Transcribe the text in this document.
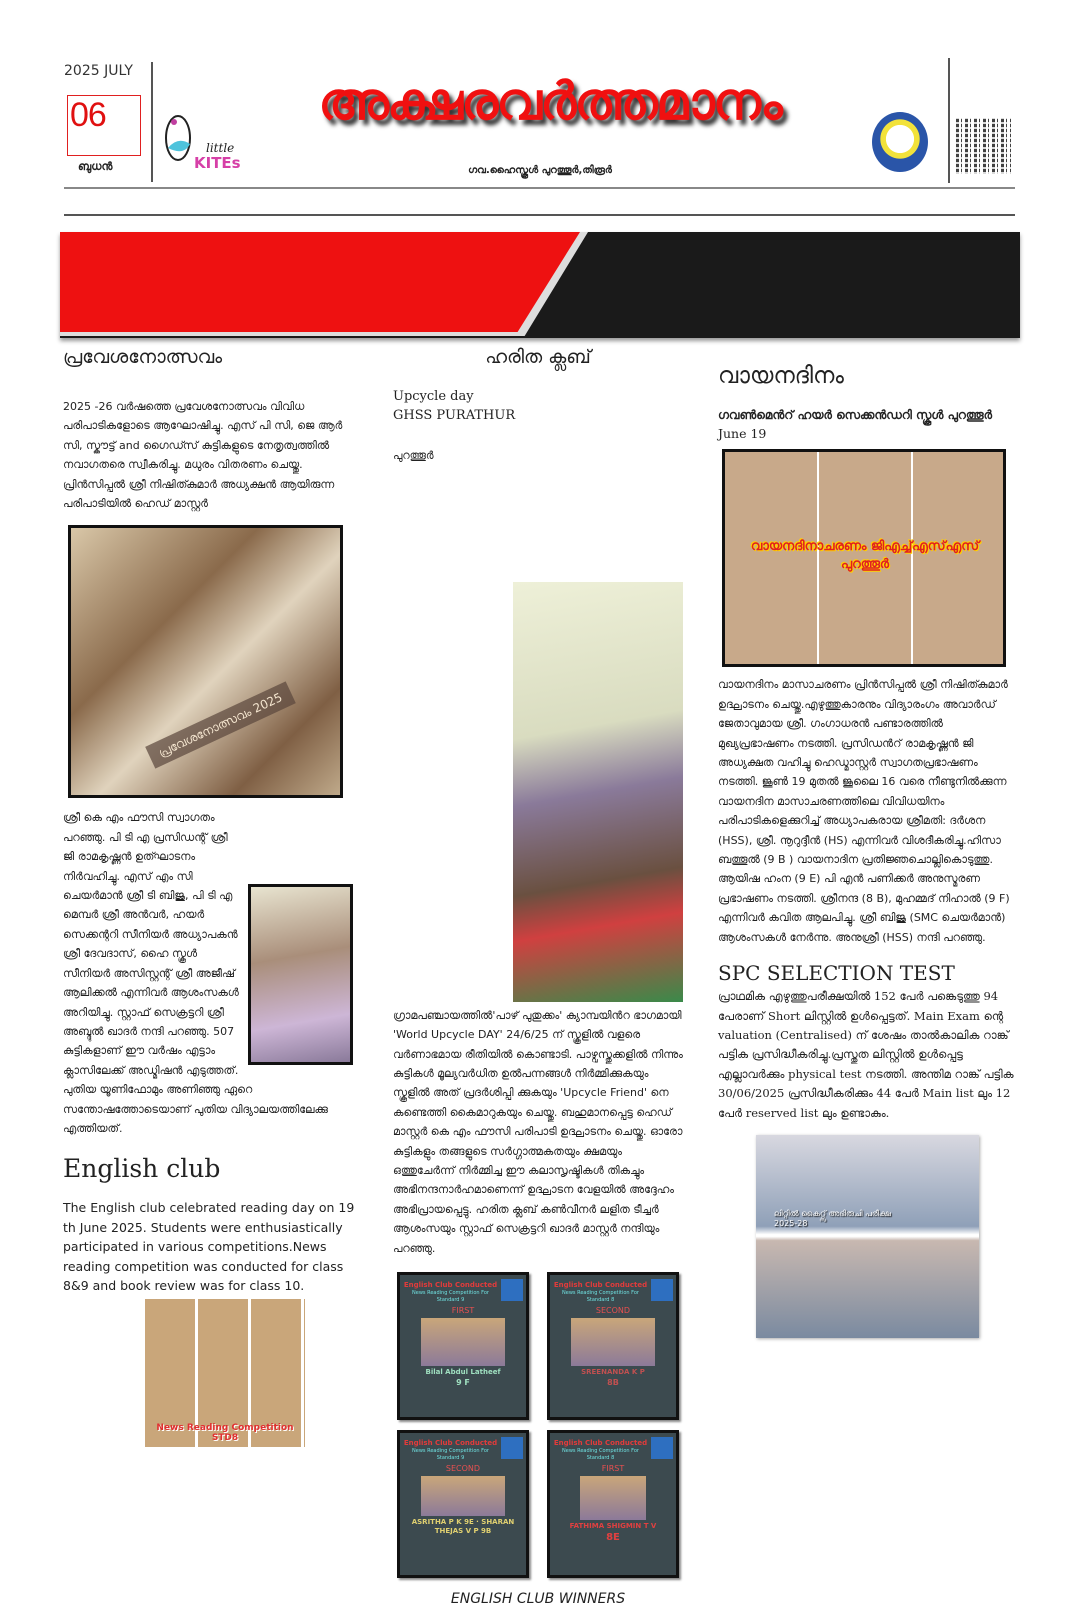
2025 JULY
06
ബുധൻ
little
KITEs
അക്ഷരവർത്തമാനം
ഗവ.ഹൈസ്കൂൾ പുറത്തൂർ,തിരൂർ
പ്രവേശനോത്സവം

2025 -26 വർഷത്തെ പ്രവേശനോത്സവം വിവിധ പരിപാടികളോടെ ആഘോഷിച്ചു. എസ് പി സി, ജെ ആർ സി, സ്കൗട്ട് and ഗൈഡ്സ് കുട്ടികളുടെ നേതൃത്വത്തിൽ നവാഗതരെ സ്വീകരിച്ചു. മധുരം വിതരണം ചെയ്തു. പ്രിൻസിപ്പൽ ശ്രീ നിഷിത്കുമാർ അധ്യക്ഷൻ ആയിരുന്ന പരിപാടിയിൽ ഹെഡ് മാസ്റ്റർ

പ്രവേശനോത്സവം 2025

ശ്രീ കെ എം ഫൗസി സ്വാഗതം പറഞ്ഞു. പി ടി എ പ്രസിഡന്റ് ശ്രീ ജി രാമകൃഷ്ണൻ ഉത്ഘാടനം നിർവഹിച്ചു. എസ് എം സി ചെയർമാൻ ശ്രീ ടി ബിജു, പി ടി എ മെമ്പർ ശ്രീ അൻവർ, ഹയർ സെക്കന്ററി സീനിയർ അധ്യാപകൻ ശ്രീ ദേവദാസ്, ഹൈ സ്കൂൾ സീനിയർ അസിസ്റ്റന്റ് ശ്രീ അജീഷ് ആലിക്കൽ എന്നിവർ ആശംസകൾ അറിയിച്ചു. സ്റ്റാഫ് സെക്രട്ടറി ശ്രീ അബ്ദുൽ ഖാദർ നന്ദി പറഞ്ഞു. 507 കുട്ടികളാണ് ഈ വർഷം എട്ടാം ക്ലാസിലേക്ക് അഡ്മിഷൻ എടുത്തത്. പുതിയ യൂണിഫോമും അണിഞ്ഞു ഏറെ സന്തോഷത്തോടെയാണ് പുതിയ വിദ്യാലയത്തിലേക്കു എത്തിയത്.

English club

The English club celebrated reading day on 19 th June 2025. Students were enthusiastically participated in various competitions.News reading competition was conducted for class 8&9 and book review was for class 10.

News Reading Competition STD8
ഹരിത ക്ലബ്
Upcycle day
GHSS PURATHUR

പുറത്തൂർ ഗ്രാമപഞ്ചായത്തിൽ'പാഴ് പുതുക്കം' ക്യാമ്പയിൻറ ഭാഗമായി 'World Upcycle DAY' 24/6/25 ന് സ്കൂളിൽ വളരെ വർണാഭമായ രീതിയിൽ കൊണ്ടാടി. പാഴ്വസ്തുക്കളിൽ നിന്നും കുട്ടികൾ മൂല്യവർധിത ഉൽപന്നങ്ങൾ നിർമ്മിക്കുകയും സ്കൂളിൽ അത് പ്രദർശിപ്പി ക്കുകയും 'Upcycle Friend' നെ കണ്ടെത്തി കൈമാറുകയും ചെയ്തു. ബഹുമാനപ്പെട്ട ഹെഡ് മാസ്റ്റർ കെ എം ഫൗസി പരിപാടി ഉദ്ഘാടനം ചെയ്തു. ഓരോ കുട്ടികളും തങ്ങളുടെ സർഗ്ഗാത്മകതയും ക്ഷമയും ഒത്തുചേർന്ന് നിർമ്മിച്ച ഈ കലാസൃഷ്ടികൾ തികച്ചും അഭിനന്ദനാർഹമാണെന്ന് ഉദ്ഘാടന വേളയിൽ അദ്ദേഹം അഭിപ്രായപ്പെട്ടു. ഹരിത ക്ലബ് കൺവീനർ ലളിത ടീച്ചർ ആശംസയും സ്റ്റാഫ് സെക്രട്ടറി ഖാദർ മാസ്റ്റർ നന്ദിയും പറഞ്ഞു.

English Club Conducted
News Reading Competition For Standard 9
FIRST
Bilal Abdul Latheef
9 F
English Club Conducted
News Reading Competition For Standard 8
SECOND
SREENANDA K P
8B
English Club Conducted
News Reading Competition For Standard 9
SECOND
ASRITHA P K 9E · SHARAN THEJAS V P 9B
English Club Conducted
News Reading Competition For Standard 8
FIRST
FATHIMA SHIGMIN T V
8E
ENGLISH CLUB WINNERS
വായനദിനം
ഗവൺമെൻറ് ഹയർ സെക്കൻഡറി സ്കൂൾ പുറത്തൂർ
June 19
വായനദിനാചരണം ജിഎച്ച്എസ്എസ് പുറത്തൂർ

വായനദിനം മാസാചരണം പ്രിൻസിപ്പൽ ശ്രീ നിഷിത്കുമാർ ഉദ്ഘാടനം ചെയ്തു.എഴുത്തുകാരനും വിദ്യാരംഗം അവാർഡ് ജേതാവുമായ ശ്രീ. ഗംഗാധരൻ പണ്ടാരത്തിൽ മുഖ്യപ്രഭാഷണം നടത്തി. പ്രസിഡൻറ് രാമകൃഷ്ണൻ ജി അധ്യക്ഷത വഹിച്ചു ഹെഡ്മാസ്റ്റർ സ്വാഗതപ്രഭാഷണം നടത്തി. ജൂൺ 19 മുതൽ ജൂലൈ 16 വരെ നീണ്ടുനിൽക്കുന്ന വായനദിന മാസാചരണത്തിലെ വിവിധയിനം പരിപാടികളെക്കുറിച്ച് അധ്യാപകരായ ശ്രീമതി: ദർശന (HSS), ശ്രീ. നൂറുദ്ദീൻ (HS) എന്നിവർ വിശദീകരിച്ചു.ഹിസാ ബത്തൂൽ (9 B ) വായനാദിന പ്രതിജ്ഞചൊല്ലികൊടുത്തു.

ആയിഷ ഹംന (9 E) പി എൻ പണിക്കർ അനുസ്മരണ പ്രഭാഷണം നടത്തി. ശ്രീനന്ദ (8 B), മുഹമ്മദ് നിഹാൽ (9 F) എന്നിവർ കവിത ആലപിച്ചു. ശ്രീ ബിജു (SMC ചെയർമാൻ) ആശംസകൾ നേർന്നു. അനുശ്രീ (HSS) നന്ദി പറഞ്ഞു.

SPC SELECTION TEST

പ്രാഥമിക എഴുത്തുപരീക്ഷയിൽ 152 പേർ പങ്കെടുത്തു 94 പേരാണ് Short ലിസ്റ്റിൽ ഉൾപ്പെട്ടത്. Main Exam ന്റെ valuation (Centralised) ന് ശേഷം താൽകാലിക റാങ്ക് പട്ടിക പ്രസിദ്ധീകരിച്ചു.പ്രസ്തുത ലിസ്റ്റിൽ ഉൾപ്പെട്ട എല്ലാവർക്കും physical test നടത്തി. അന്തിമ റാങ്ക് പട്ടിക 30/06/2025 പ്രസിദ്ധീകരിക്കും 44 പേർ Main list ലും 12 പേർ reserved list ലും ഉണ്ടാകും.

ലിറ്റിൽ കൈറ്റ്സ് അഭിരുചി പരീക്ഷ 2025-28
